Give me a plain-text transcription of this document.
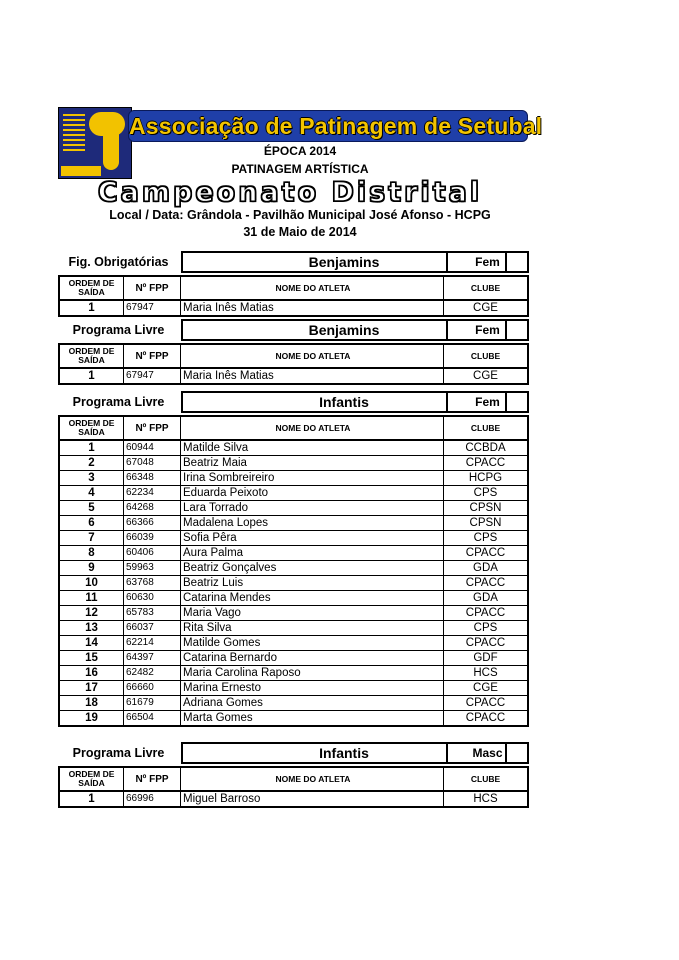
Associação de Patinagem de Setubal
ÉPOCA 2014
PATINAGEM ARTÍSTICA
Campeonato Distrital
Local / Data: Grândola - Pavilhão Municipal José Afonso - HCPG
31 de Maio de 2014
Fig. Obrigatórias	Benjamins	Fem
ORDEM DE SAÍDA	Nº FPP	NOME DO ATLETA	CLUBE
1	67947	Maria Inês Matias	CGE
Programa Livre	Benjamins	Fem
ORDEM DE SAÍDA	Nº FPP	NOME DO ATLETA	CLUBE
1	67947	Maria Inês Matias	CGE
Programa Livre	Infantis	Fem
ORDEM DE SAÍDA	Nº FPP	NOME DO ATLETA	CLUBE
1	60944	Matilde Silva	CCBDA
2	67048	Beatriz Maia	CPACC
3	66348	Irina Sombreireiro	HCPG
4	62234	Eduarda Peixoto	CPS
5	64268	Lara Torrado	CPSN
6	66366	Madalena Lopes	CPSN
7	66039	Sofia Pêra	CPS
8	60406	Aura Palma	CPACC
9	59963	Beatriz Gonçalves	GDA
10	63768	Beatriz Luis	CPACC
11	60630	Catarina Mendes	GDA
12	65783	Maria Vago	CPACC
13	66037	Rita Silva	CPS
14	62214	Matilde Gomes	CPACC
15	64397	Catarina Bernardo	GDF
16	62482	Maria Carolina Raposo	HCS
17	66660	Marina Ernesto	CGE
18	61679	Adriana Gomes	CPACC
19	66504	Marta Gomes	CPACC
Programa Livre	Infantis	Masc
ORDEM DE SAÍDA	Nº FPP	NOME DO ATLETA	CLUBE
1	66996	Miguel Barroso	HCS
